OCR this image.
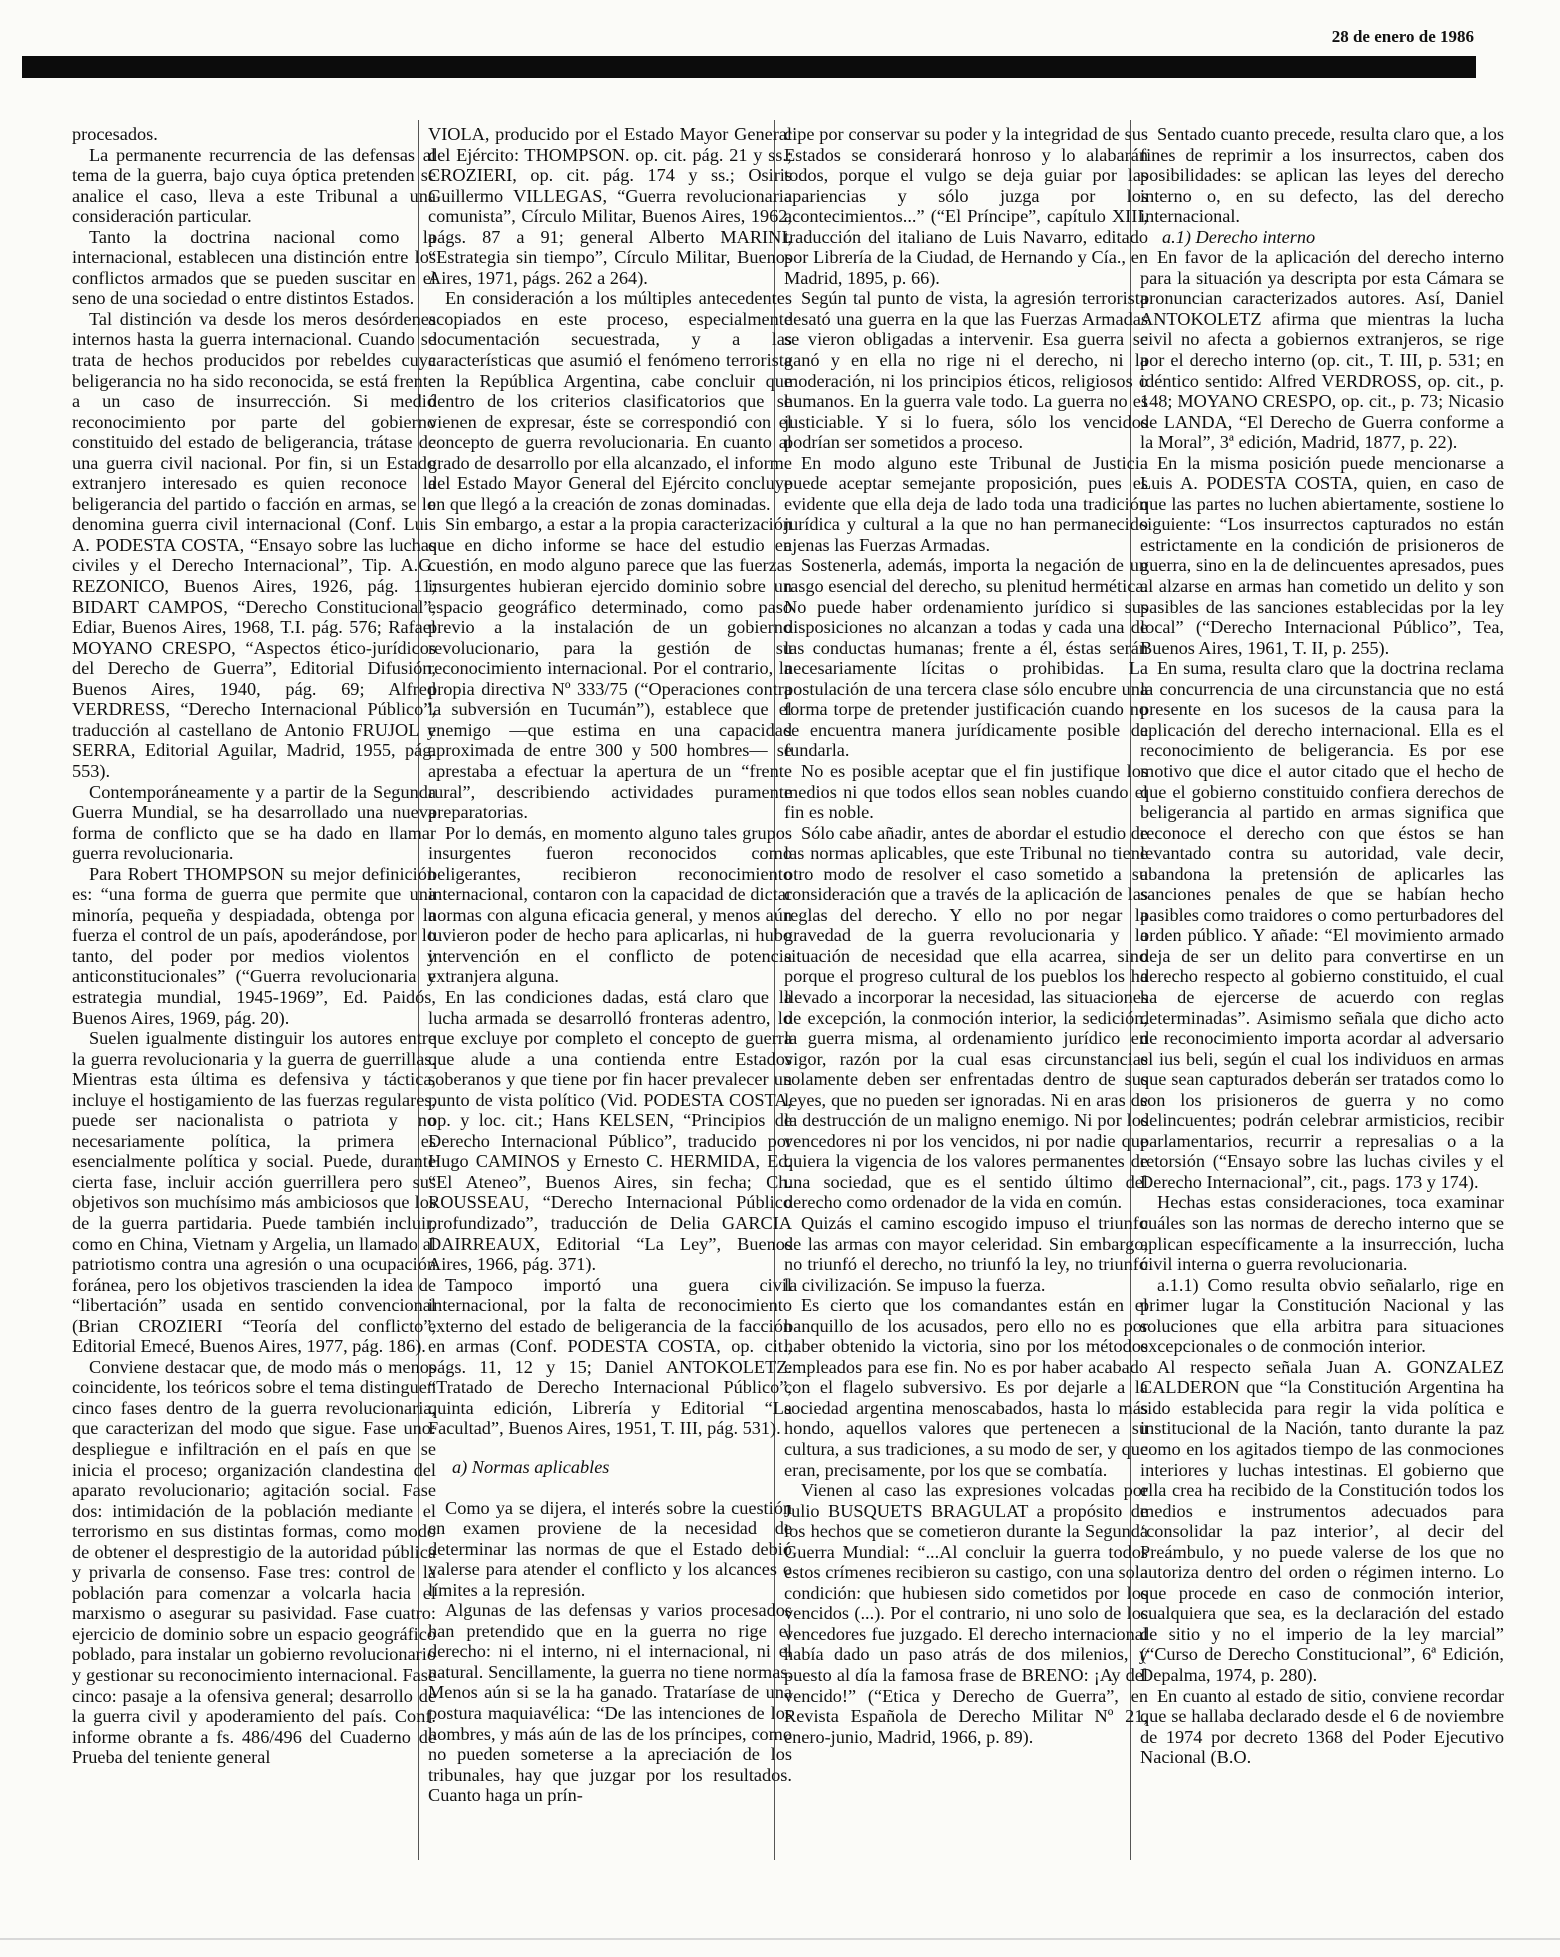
28 de enero de 1986

procesados.

La permanente recurrencia de las defensas al tema de la guerra, bajo cuya óptica pretenden se analice el caso, lleva a este Tribunal a una consideración particular.

Tanto la doctrina nacional como la internacional, establecen una distinción entre los conflictos armados que se pueden suscitar en el seno de una sociedad o entre distintos Estados.

Tal distinción va desde los meros desórdenes internos hasta la guerra internacional. Cuando se trata de hechos producidos por rebeldes cuya beligerancia no ha sido reconocida, se está frente a un caso de insurrección. Si medió reconocimiento por parte del gobierno constituido del estado de beligerancia, trátase de una guerra civil nacional. Por fin, si un Estado extranjero interesado es quien reconoce la beligerancia del partido o facción en armas, se lo denomina guerra civil internacional (Conf. Luis A. PODESTA COSTA, “Ensayo sobre las luchas civiles y el Derecho Internacional”, Tip. A.G. REZONICO, Buenos Aires, 1926, pág. 11; BIDART CAMPOS, “Derecho Constitucional”, Ediar, Buenos Aires, 1968, T.I. pág. 576; Rafael MOYANO CRESPO, “Aspectos ético-jurídicos del Derecho de Guerra”, Editorial Difusión, Buenos Aires, 1940, pág. 69; Alfred VERDRESS, “Derecho Internacional Público”, traducción al castellano de Antonio FRUJOL y SERRA, Editorial Aguilar, Madrid, 1955, pág. 553).

Contemporáneamente y a partir de la Segunda Guerra Mundial, se ha desarrollado una nueva forma de conflicto que se ha dado en llamar guerra revolucionaria.

Para Robert THOMPSON su mejor definición es: “una forma de guerra que permite que una minoría, pequeña y despiadada, obtenga por la fuerza el control de un país, apoderándose, por lo tanto, del poder por medios violentos y anticonstitucionales” (“Guerra revolucionaria y estrategia mundial, 1945-1969”, Ed. Paidós, Buenos Aires, 1969, pág. 20).

Suelen igualmente distinguir los autores entre la guerra revolucionaria y la guerra de guerrillas. Mientras esta última es defensiva y táctica, incluye el hostigamiento de las fuerzas regulares, puede ser nacionalista o patriota y no necesariamente política, la primera es esencialmente política y social. Puede, durante cierta fase, incluir acción guerrillera pero sus objetivos son muchísimo más ambiciosos que los de la guerra partidaria. Puede también incluir, como en China, Vietnam y Argelia, un llamado al patriotismo contra una agresión o una ocupación foránea, pero los objetivos trascienden la idea de “libertación” usada en sentido convencional (Brian CROZIERI “Teoría del conflicto”, Editorial Emecé, Buenos Aires, 1977, pág. 186).

Conviene destacar que, de modo más o menos coincidente, los teóricos sobre el tema distinguen cinco fases dentro de la guerra revolucionaria, que caracterizan del modo que sigue. Fase uno: despliegue e infiltración en el país en que se inicia el proceso; organización clandestina del aparato revolucionario; agitación social. Fase dos: intimidación de la población mediante el terrorismo en sus distintas formas, como modo de obtener el desprestigio de la autoridad pública y privarla de consenso. Fase tres: control de la población para comenzar a volcarla hacia el marxismo o asegurar su pasividad. Fase cuatro: ejercicio de dominio sobre un espacio geográfico poblado, para instalar un gobierno revolucionario y gestionar su reconocimiento internacional. Fase cinco: pasaje a la ofensiva general; desarrollo de la guerra civil y apoderamiento del país. Conf. informe obrante a fs. 486/496 del Cuaderno de Prueba del teniente general

VIOLA, producido por el Estado Mayor General del Ejército: THOMPSON. op. cit. pág. 21 y ss.; CROZIERI, op. cit. pág. 174 y ss.; Osiris Guillermo VILLEGAS, “Guerra revolucionaria comunista”, Círculo Militar, Buenos Aires, 1962, págs. 87 a 91; general Alberto MARINI, “Estrategia sin tiempo”, Círculo Militar, Buenos Aires, 1971, págs. 262 a 264).

En consideración a los múltiples antecedentes acopiados en este proceso, especialmente documentación secuestrada, y a las características que asumió el fenómeno terrorista en la República Argentina, cabe concluir que dentro de los criterios clasificatorios que se vienen de expresar, éste se correspondió con el concepto de guerra revolucionaria. En cuanto al grado de desarrollo por ella alcanzado, el informe del Estado Mayor General del Ejército concluye en que llegó a la creación de zonas dominadas.

Sin embargo, a estar a la propia caracterización que en dicho informe se hace del estudio en cuestión, en modo alguno parece que las fuerzas insurgentes hubieran ejercido dominio sobre un espacio geográfico determinado, como paso previo a la instalación de un gobierno revolucionario, para la gestión de su reconocimiento internacional. Por el contrario, la propia directiva Nº 333/75 (“Operaciones contra la subversión en Tucumán”), establece que el enemigo —que estima en una capacidad aproximada de entre 300 y 500 hombres— se aprestaba a efectuar la apertura de un “frente rural”, describiendo actividades puramente preparatorias.

Por lo demás, en momento alguno tales grupos insurgentes fueron reconocidos como beligerantes, recibieron reconocimiento internacional, contaron con la capacidad de dictar normas con alguna eficacia general, y menos aún tuvieron poder de hecho para aplicarlas, ni hubo intervención en el conflicto de potencia extranjera alguna.

En las condiciones dadas, está claro que la lucha armada se desarrolló fronteras adentro, lo que excluye por completo el concepto de guerra que alude a una contienda entre Estados soberanos y que tiene por fin hacer prevalecer un punto de vista político (Vid. PODESTA COSTA, op. y loc. cit.; Hans KELSEN, “Principios de Derecho Internacional Público”, traducido por Hugo CAMINOS y Ernesto C. HERMIDA, Ed. “El Ateneo”, Buenos Aires, sin fecha; Ch. ROUSSEAU, “Derecho Internacional Público profundizado”, traducción de Delia GARCIA DAIRREAUX, Editorial “La Ley”, Buenos Aires, 1966, pág. 371).

Tampoco importó una guera civil internacional, por la falta de reconocimiento externo del estado de beligerancia de la facción en armas (Conf. PODESTA COSTA, op. cit., págs. 11, 12 y 15; Daniel ANTOKOLETZ. “Tratado de Derecho Internacional Público”, quinta edición, Librería y Editorial “La Facultad”, Buenos Aires, 1951, T. III, pág. 531).

a) Normas aplicables

Como ya se dijera, el interés sobre la cuestión en examen proviene de la necesidad de determinar las normas de que el Estado debió valerse para atender el conflicto y los alcances o límites a la represión.

Algunas de las defensas y varios procesados han pretendido que en la guerra no rige el derecho: ni el interno, ni el internacional, ni el natural. Sencillamente, la guerra no tiene normas. Menos aún si se la ha ganado. Trataríase de una postura maquiavélica: “De las intenciones de los hombres, y más aún de las de los príncipes, como no pueden someterse a la apreciación de los tribunales, hay que juzgar por los resultados. Cuanto haga un prín-

cipe por conservar su poder y la integridad de sus Estados se considerará honroso y lo alabarán todos, porque el vulgo se deja guiar por las apariencias y sólo juzga por los acontecimientos...” (“El Príncipe”, capítulo XIII, traducción del italiano de Luis Navarro, editado por Librería de la Ciudad, de Hernando y Cía., en Madrid, 1895, p. 66).

Según tal punto de vista, la agresión terrorista desató una guerra en la que las Fuerzas Armadas se vieron obligadas a intervenir. Esa guerra se ganó y en ella no rige ni el derecho, ni la moderación, ni los principios éticos, religiosos o humanos. En la guerra vale todo. La guerra no es justiciable. Y si lo fuera, sólo los vencidos podrían ser sometidos a proceso.

En modo alguno este Tribunal de Justicia puede aceptar semejante proposición, pues es evidente que ella deja de lado toda una tradición jurídica y cultural a la que no han permanecido ajenas las Fuerzas Armadas.

Sostenerla, además, importa la negación de un rasgo esencial del derecho, su plenitud hermética. No puede haber ordenamiento jurídico si sus disposiciones no alcanzan a todas y cada una de las conductas humanas; frente a él, éstas serán necesariamente lícitas o prohibidas. La postulación de una tercera clase sólo encubre una forma torpe de pretender justificación cuando no se encuentra manera jurídicamente posible de fundarla.

No es posible aceptar que el fin justifique los medios ni que todos ellos sean nobles cuando el fin es noble.

Sólo cabe añadir, antes de abordar el estudio de las normas aplicables, que este Tribunal no tiene otro modo de resolver el caso sometido a su consideración que a través de la aplicación de las reglas del derecho. Y ello no por negar la gravedad de la guerra revolucionaria y la situación de necesidad que ella acarrea, sino porque el progreso cultural de los pueblos los ha llevado a incorporar la necesidad, las situaciones de excepción, la conmoción interior, la sedición, la guerra misma, al ordenamiento jurídico en vigor, razón por la cual esas circunstancias solamente deben ser enfrentadas dentro de sus leyes, que no pueden ser ignoradas. Ni en aras de la destrucción de un maligno enemigo. Ni por los vencedores ni por los vencidos, ni por nadie que quiera la vigencia de los valores permanentes de una sociedad, que es el sentido último del derecho como ordenador de la vida en común.

Quizás el camino escogido impuso el triunfo de las armas con mayor celeridad. Sin embargo, no triunfó el derecho, no triunfó la ley, no triunfó la civilización. Se impuso la fuerza.

Es cierto que los comandantes están en el banquillo de los acusados, pero ello no es por haber obtenido la victoria, sino por los métodos empleados para ese fin. No es por haber acabado con el flagelo subversivo. Es por dejarle a la sociedad argentina menoscabados, hasta lo más hondo, aquellos valores que pertenecen a su cultura, a sus tradiciones, a su modo de ser, y que eran, precisamente, por los que se combatía.

Vienen al caso las expresiones volcadas por Julio BUSQUETS BRAGULAT a propósito de los hechos que se cometieron durante la Segunda Guerra Mundial: “...Al concluir la guerra todos estos crímenes recibieron su castigo, con una sola condición: que hubiesen sido cometidos por los vencidos (...). Por el contrario, ni uno solo de los vencedores fue juzgado. El derecho internacional había dado un paso atrás de dos milenios, y puesto al día la famosa frase de BRENO: ¡Ay del vencido!” (“Etica y Derecho de Guerra”, en Revista Española de Derecho Militar Nº 21, enero-junio, Madrid, 1966, p. 89).

Sentado cuanto precede, resulta claro que, a los fines de reprimir a los insurrectos, caben dos posibilidades: se aplican las leyes del derecho interno o, en su defecto, las del derecho internacional.

a.1) Derecho interno

En favor de la aplicación del derecho interno para la situación ya descripta por esta Cámara se pronuncian caracterizados autores. Así, Daniel ANTOKOLETZ afirma que mientras la lucha civil no afecta a gobiernos extranjeros, se rige por el derecho interno (op. cit., T. III, p. 531; en idéntico sentido: Alfred VERDROSS, op. cit., p. 148; MOYANO CRESPO, op. cit., p. 73; Nicasio de LANDA, “El Derecho de Guerra conforme a la Moral”, 3ª edición, Madrid, 1877, p. 22).

En la misma posición puede mencionarse a Luis A. PODESTA COSTA, quien, en caso de que las partes no luchen abiertamente, sostiene lo siguiente: “Los insurrectos capturados no están estrictamente en la condición de prisioneros de guerra, sino en la de delincuentes apresados, pues al alzarse en armas han cometido un delito y son pasibles de las sanciones establecidas por la ley local” (“Derecho Internacional Público”, Tea, Buenos Aires, 1961, T. II, p. 255).

En suma, resulta claro que la doctrina reclama la concurrencia de una circunstancia que no está presente en los sucesos de la causa para la aplicación del derecho internacional. Ella es el reconocimiento de beligerancia. Es por ese motivo que dice el autor citado que el hecho de que el gobierno constituido confiera derechos de beligerancia al partido en armas significa que reconoce el derecho con que éstos se han levantado contra su autoridad, vale decir, abandona la pretensión de aplicarles las sanciones penales de que se habían hecho pasibles como traidores o como perturbadores del orden público. Y añade: “El movimiento armado deja de ser un delito para convertirse en un derecho respecto al gobierno constituido, el cual ha de ejercerse de acuerdo con reglas determinadas”. Asimismo señala que dicho acto de reconocimiento importa acordar al adversario el ius beli, según el cual los individuos en armas que sean capturados deberán ser tratados como lo son los prisioneros de guerra y no como delincuentes; podrán celebrar armisticios, recibir parlamentarios, recurrir a represalias o a la retorsión (“Ensayo sobre las luchas civiles y el Derecho Internacional”, cit., pags. 173 y 174).

Hechas estas consideraciones, toca examinar cuáles son las normas de derecho interno que se aplican específicamente a la insurrección, lucha civil interna o guerra revolucionaria.

a.1.1) Como resulta obvio señalarlo, rige en primer lugar la Constitución Nacional y las soluciones que ella arbitra para situaciones excepcionales o de conmoción interior.

Al respecto señala Juan A. GONZALEZ CALDERON que “la Constitución Argentina ha sido establecida para regir la vida política e institucional de la Nación, tanto durante la paz como en los agitados tiempo de las conmociones interiores y luchas intestinas. El gobierno que ella crea ha recibido de la Constitución todos los medios e instrumentos adecuados para ‘consolidar la paz interior’, al decir del Preámbulo, y no puede valerse de los que no autoriza dentro del orden o régimen interno. Lo que procede en caso de conmoción interior, cualquiera que sea, es la declaración del estado de sitio y no el imperio de la ley marcial” (“Curso de Derecho Constitucional”, 6ª Edición, Depalma, 1974, p. 280).

En cuanto al estado de sitio, conviene recordar que se hallaba declarado desde el 6 de noviembre de 1974 por decreto 1368 del Poder Ejecutivo Nacional (B.O.
